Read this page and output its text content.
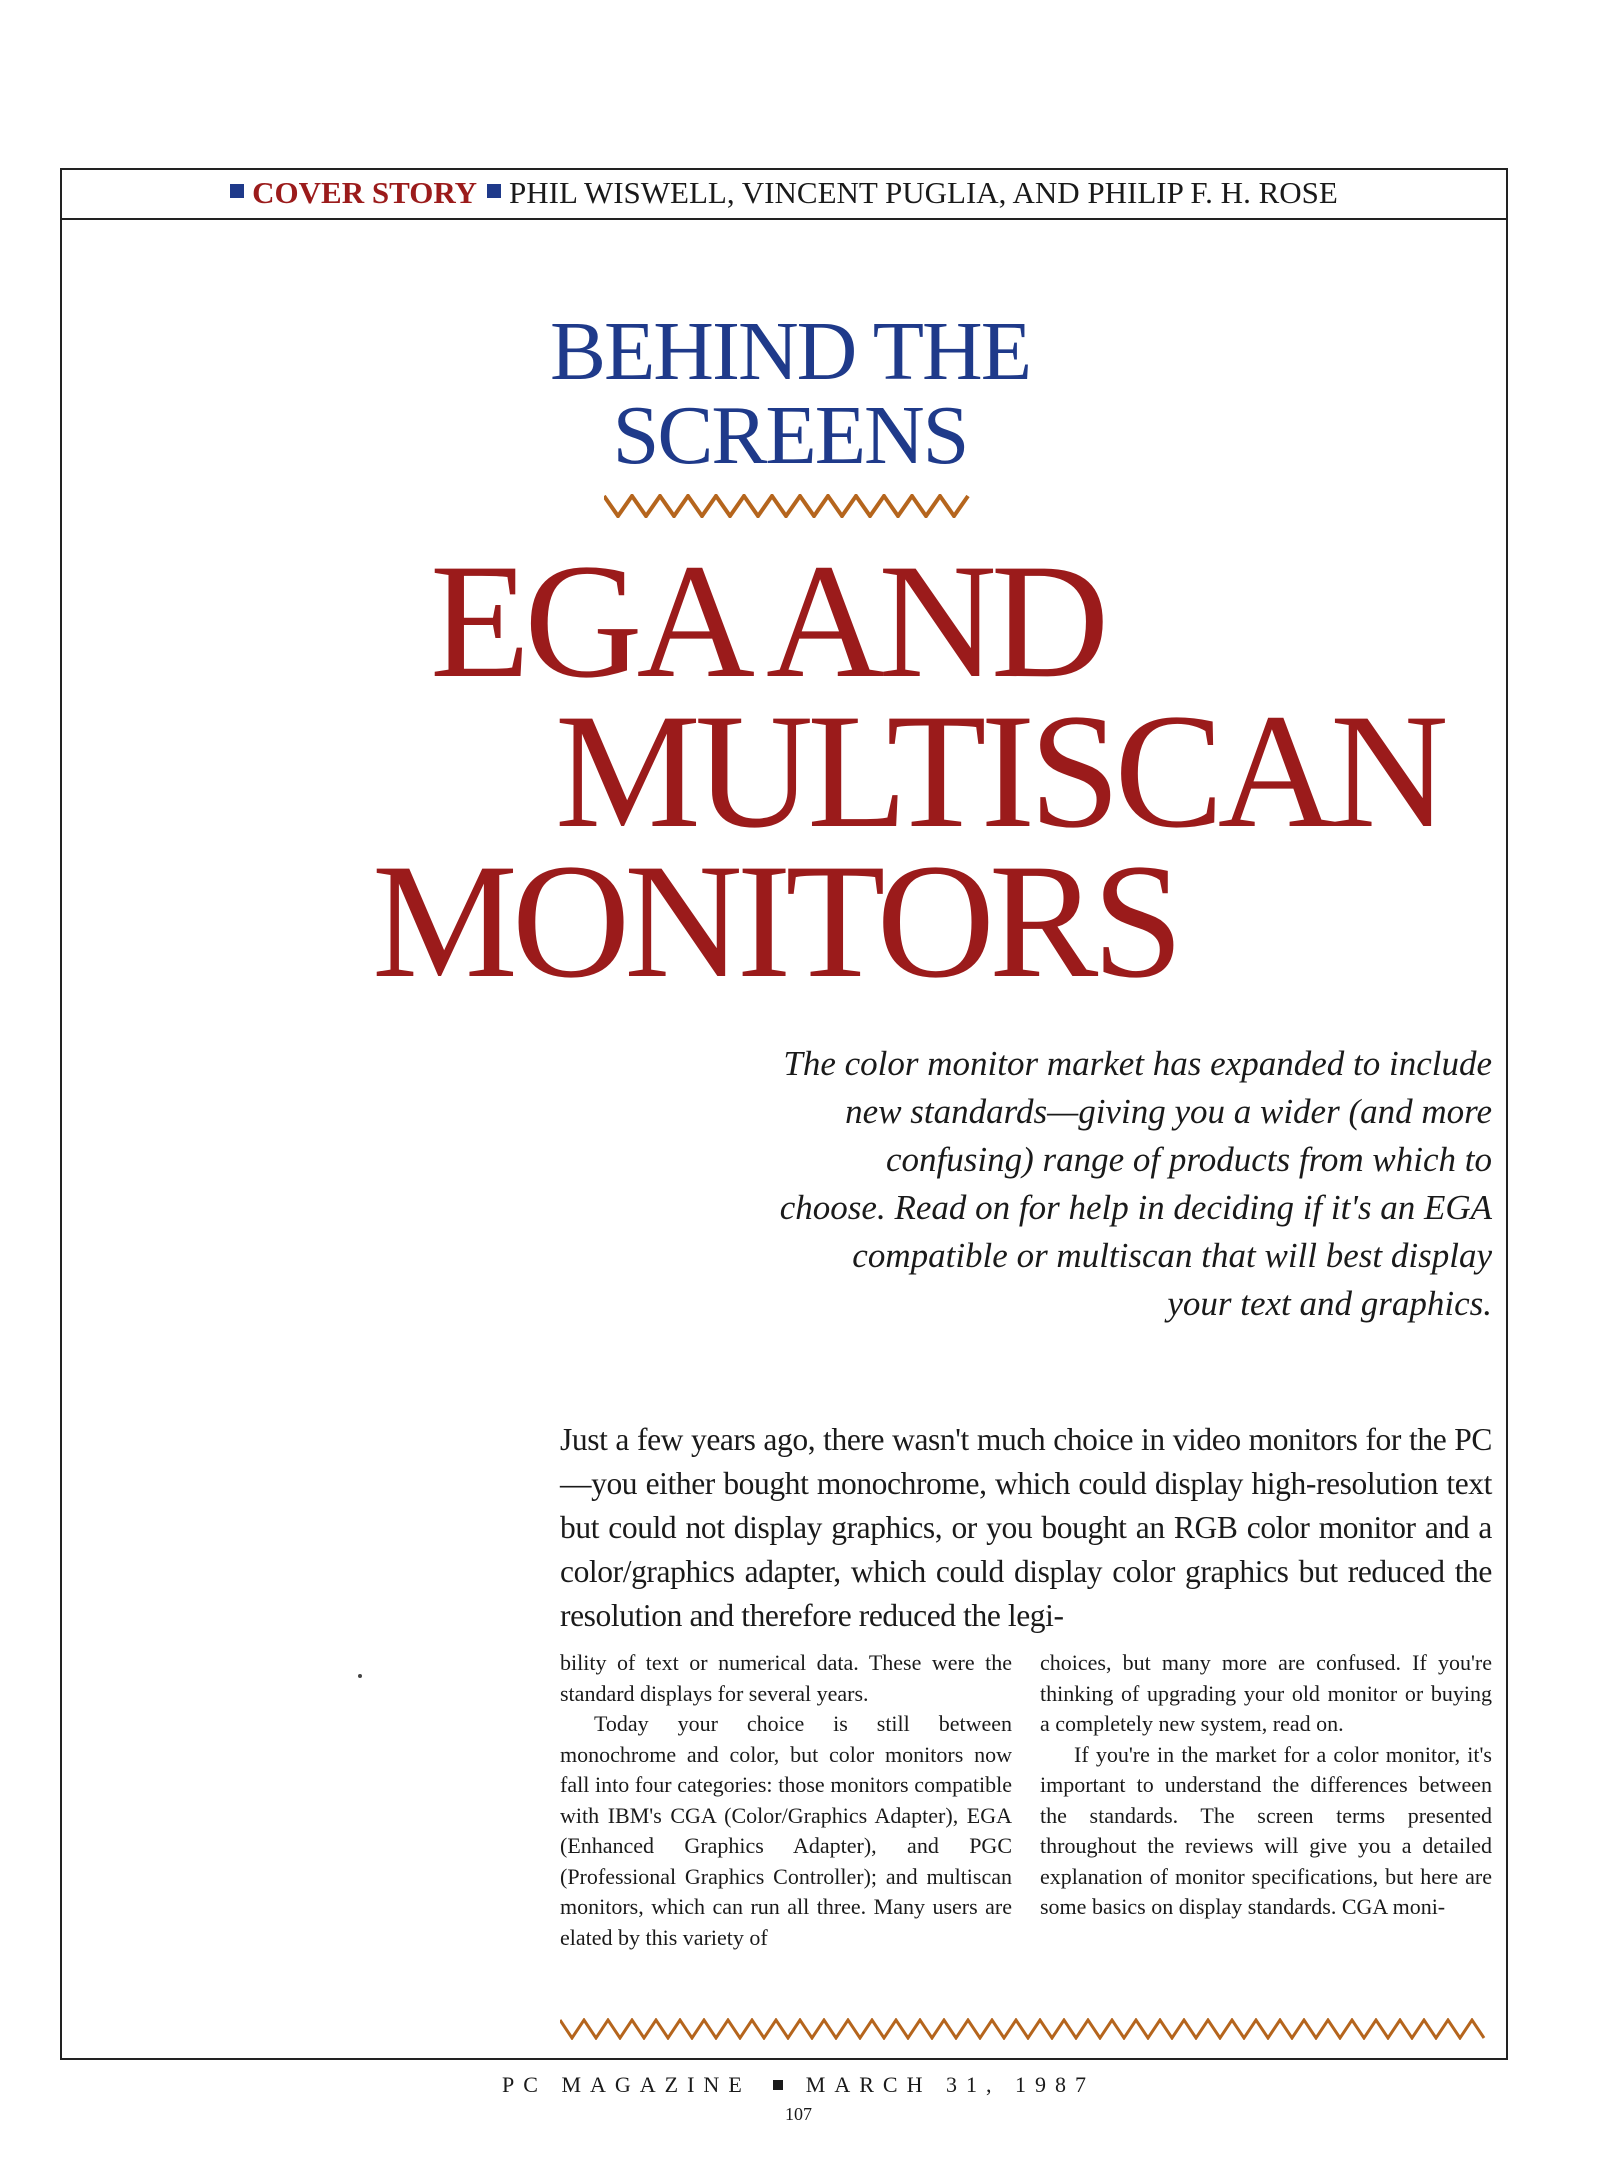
COVER STORY PHIL WISWELL, VINCENT PUGLIA, AND PHILIP F. H. ROSE
BEHIND THE
SCREENS
EGA AND
MULTISCAN
MONITORS
The color monitor market has expanded to include
new standards—giving you a wider (and more
confusing) range of products from which to
choose. Read on for help in deciding if it's an EGA
compatible or multiscan that will best display
your text and graphics.
Just a few years ago, there wasn't much choice in video monitors for the PC—you either bought monochrome, which could display high-resolution text but could not display graphics, or you bought an RGB color monitor and a color/graphics adapter, which could display color graphics but reduced the resolution and therefore reduced the legi-

bility of text or numerical data. These were the standard displays for several years.

Today your choice is still between monochrome and color, but color monitors now fall into four categories: those monitors compatible with IBM's CGA (Color/Graphics Adapter), EGA (Enhanced Graphics Adapter), and PGC (Professional Graphics Controller); and multiscan monitors, which can run all three. Many users are elated by this variety of

choices, but many more are confused. If you're thinking of upgrading your old monitor or buying a completely new system, read on.

If you're in the market for a color monitor, it's important to understand the differences between the standards. The screen terms presented throughout the reviews will give you a detailed explanation of monitor specifications, but here are some basics on display standards. CGA moni-

PC MAGAZINE	MARCH 31, 1987
107
